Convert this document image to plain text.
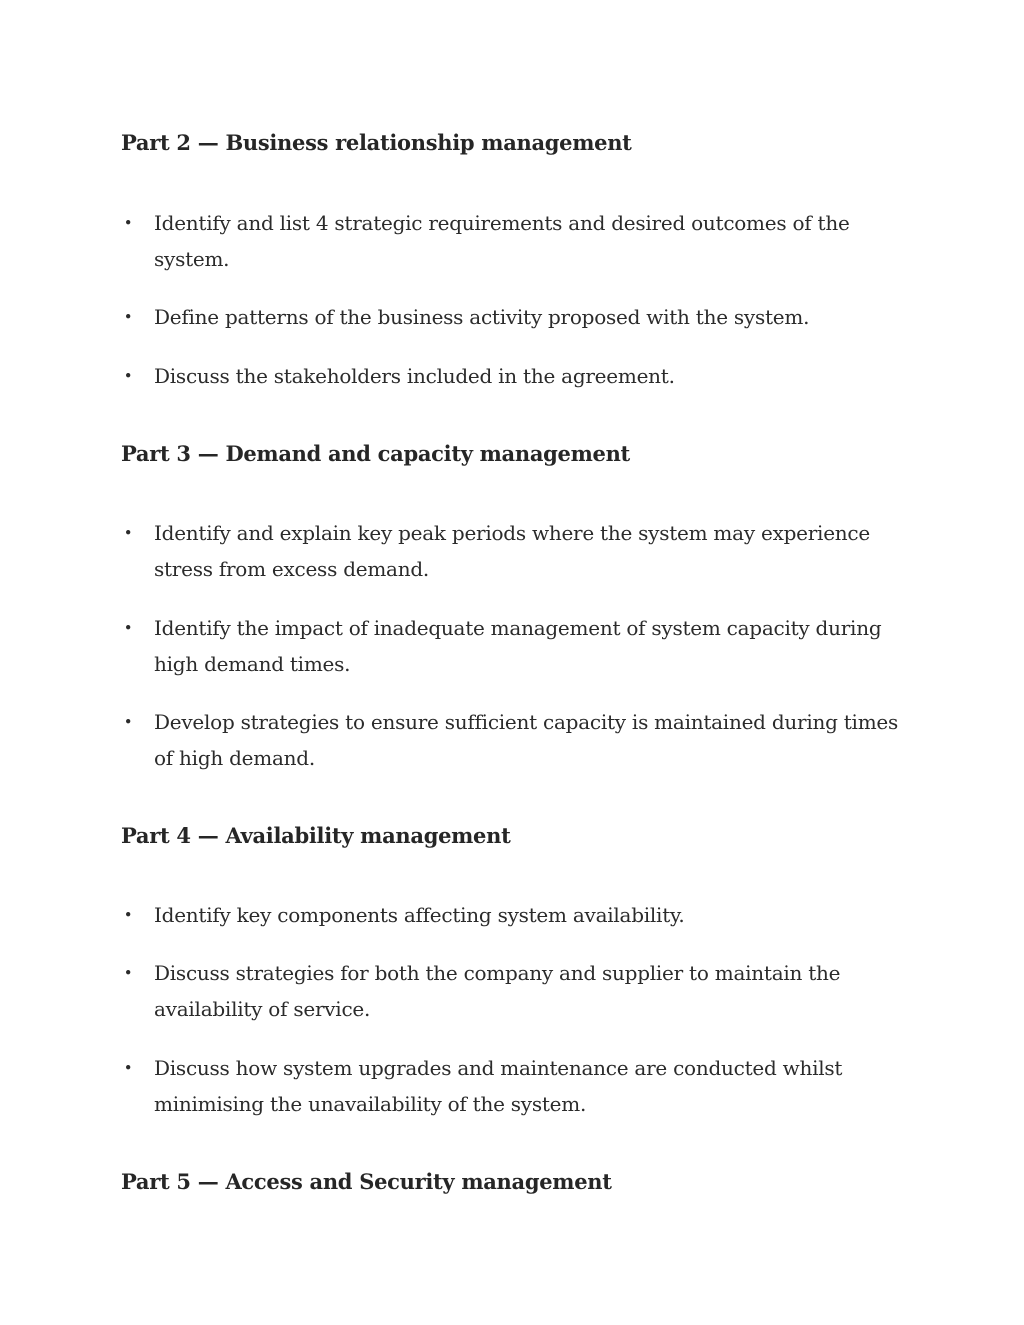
Part 2 — Business relationship management
• Identify and list 4 strategic requirements and desired outcomes of the system.
• Define patterns of the business activity proposed with the system.
• Discuss the stakeholders included in the agreement.
Part 3 — Demand and capacity management
• Identify and explain key peak periods where the system may experience stress from excess demand.
• Identify the impact of inadequate management of system capacity during high demand times.
• Develop strategies to ensure sufficient capacity is maintained during times of high demand.
Part 4 — Availability management
• Identify key components affecting system availability.
• Discuss strategies for both the company and supplier to maintain the availability of service.
• Discuss how system upgrades and maintenance are conducted whilst minimising the unavailability of the system.
Part 5 — Access and Security management
